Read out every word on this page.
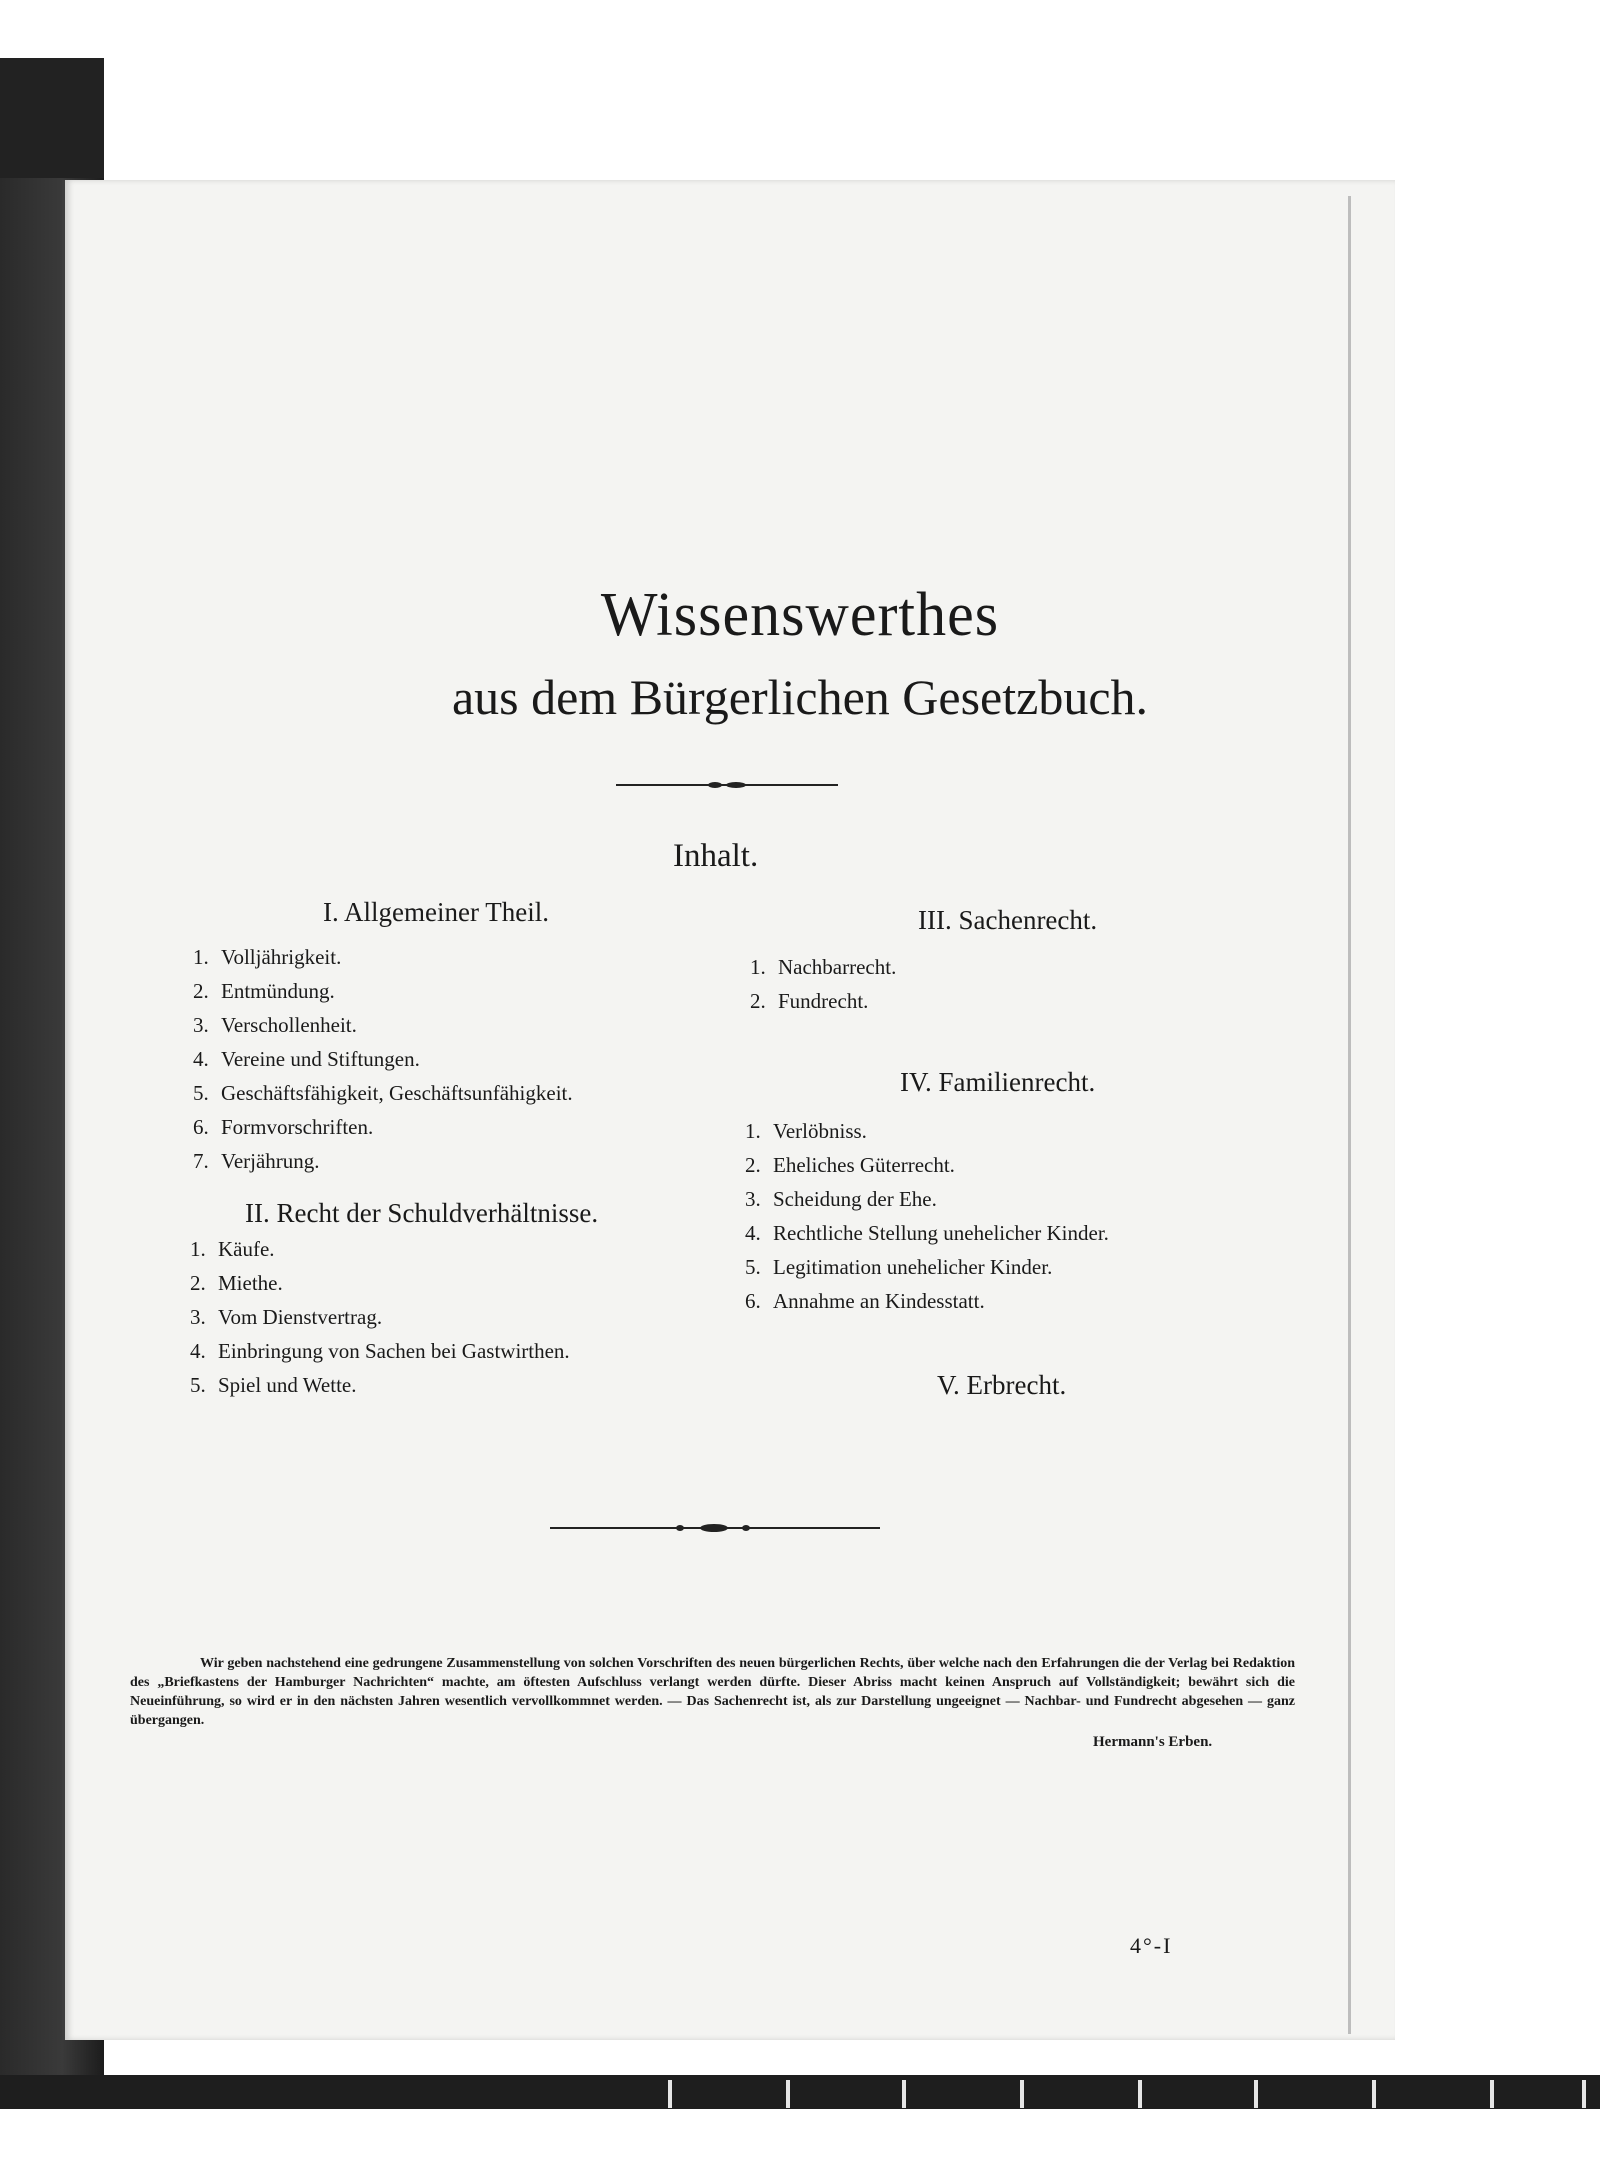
Wissenswerthes
aus dem Bürgerlichen Gesetzbuch.
Inhalt.
I. Allgemeiner Theil.
1. Volljährigkeit.
2. Entmündung.
3. Verschollenheit.
4. Vereine und Stiftungen.
5. Geschäftsfähigkeit, Geschäftsunfähigkeit.
6. Formvorschriften.
7. Verjährung.
II. Recht der Schuldverhältnisse.
1. Käufe.
2. Miethe.
3. Vom Dienstvertrag.
4. Einbringung von Sachen bei Gastwirthen.
5. Spiel und Wette.
III. Sachenrecht.
1. Nachbarrecht.
2. Fundrecht.
IV. Familienrecht.
1. Verlöbniss.
2. Eheliches Güterrecht.
3. Scheidung der Ehe.
4. Rechtliche Stellung unehelicher Kinder.
5. Legitimation unehelicher Kinder.
6. Annahme an Kindesstatt.
V. Erbrecht.
Wir geben nachstehend eine gedrungene Zusammenstellung von solchen Vorschriften des neuen bürgerlichen Rechts, über welche nach den Erfahrungen die der Verlag bei Redaktion des „Briefkastens der Hamburger Nachrichten“ machte, am öftesten Aufschluss verlangt werden dürfte. Dieser Abriss macht keinen Anspruch auf Vollständigkeit; bewährt sich die Neueinführung, so wird er in den nächsten Jahren wesentlich vervollkommnet werden. — Das Sachenrecht ist, als zur Darstellung ungeeignet — Nachbar- und Fundrecht abgesehen — ganz übergangen.
Hermann's Erben.
4°-I
